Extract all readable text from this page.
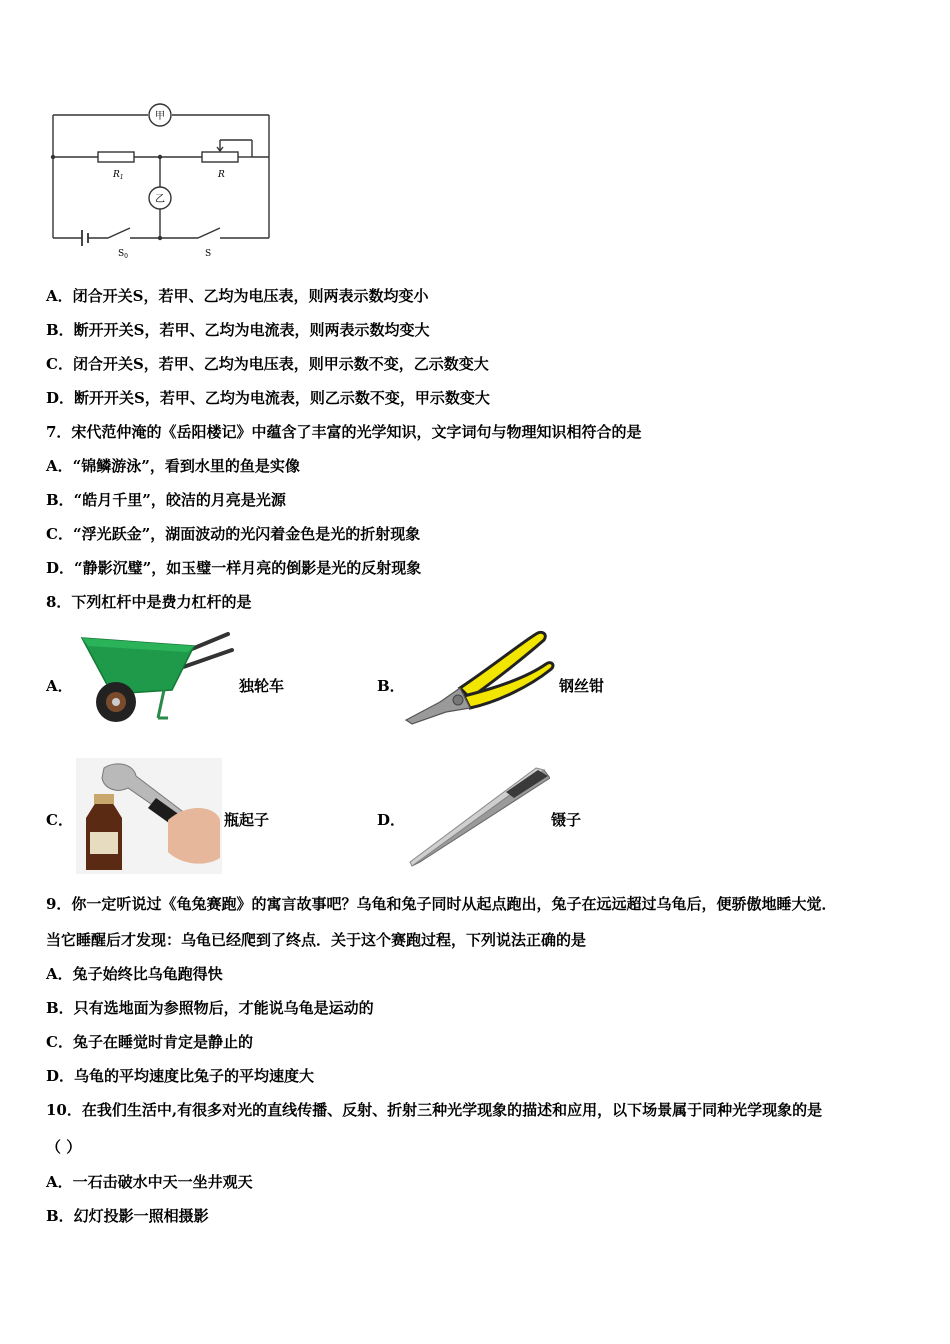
甲
乙
$R_1$	R
$S_0$	S
A．闭合开关S，若甲、乙均为电压表，则两表示数均变小
B．断开开关S，若甲、乙均为电流表，则两表示数均变大
C．闭合开关S，若甲、乙均为电压表，则甲示数不变，乙示数变大
D．断开开关S，若甲、乙均为电流表，则乙示数不变，甲示数变大
7．宋代范仲淹的《岳阳楼记》中蕴含了丰富的光学知识，文字词句与物理知识相符合的是
A．“锦鳞游泳”，看到水里的鱼是实像
B．“皓月千里”，皎洁的月亮是光源
C．“浮光跃金”，湖面波动的光闪着金色是光的折射现象
D．“静影沉璧”，如玉璧一样月亮的倒影是光的反射现象
8．下列杠杆中是费力杠杆的是
A．	独轮车	B．	钢丝钳
C．	瓶起子	D．	镊子
9．你一定听说过《龟兔赛跑》的寓言故事吧？乌龟和兔子同时从起点跑出，兔子在远远超过乌龟后，便骄傲地睡大觉．
当它睡醒后才发现：乌龟已经爬到了终点．关于这个赛跑过程，下列说法正确的是
A．兔子始终比乌龟跑得快
B．只有选地面为参照物后，才能说乌龟是运动的
C．兔子在睡觉时肯定是静止的
D．乌龟的平均速度比兔子的平均速度大
10．在我们生活中,有很多对光的直线传播、反射、折射三种光学现象的描述和应用，以下场景属于同种光学现象的是
（ ）
A．一石击破水中天一坐井观天
B．幻灯投影一照相摄影
